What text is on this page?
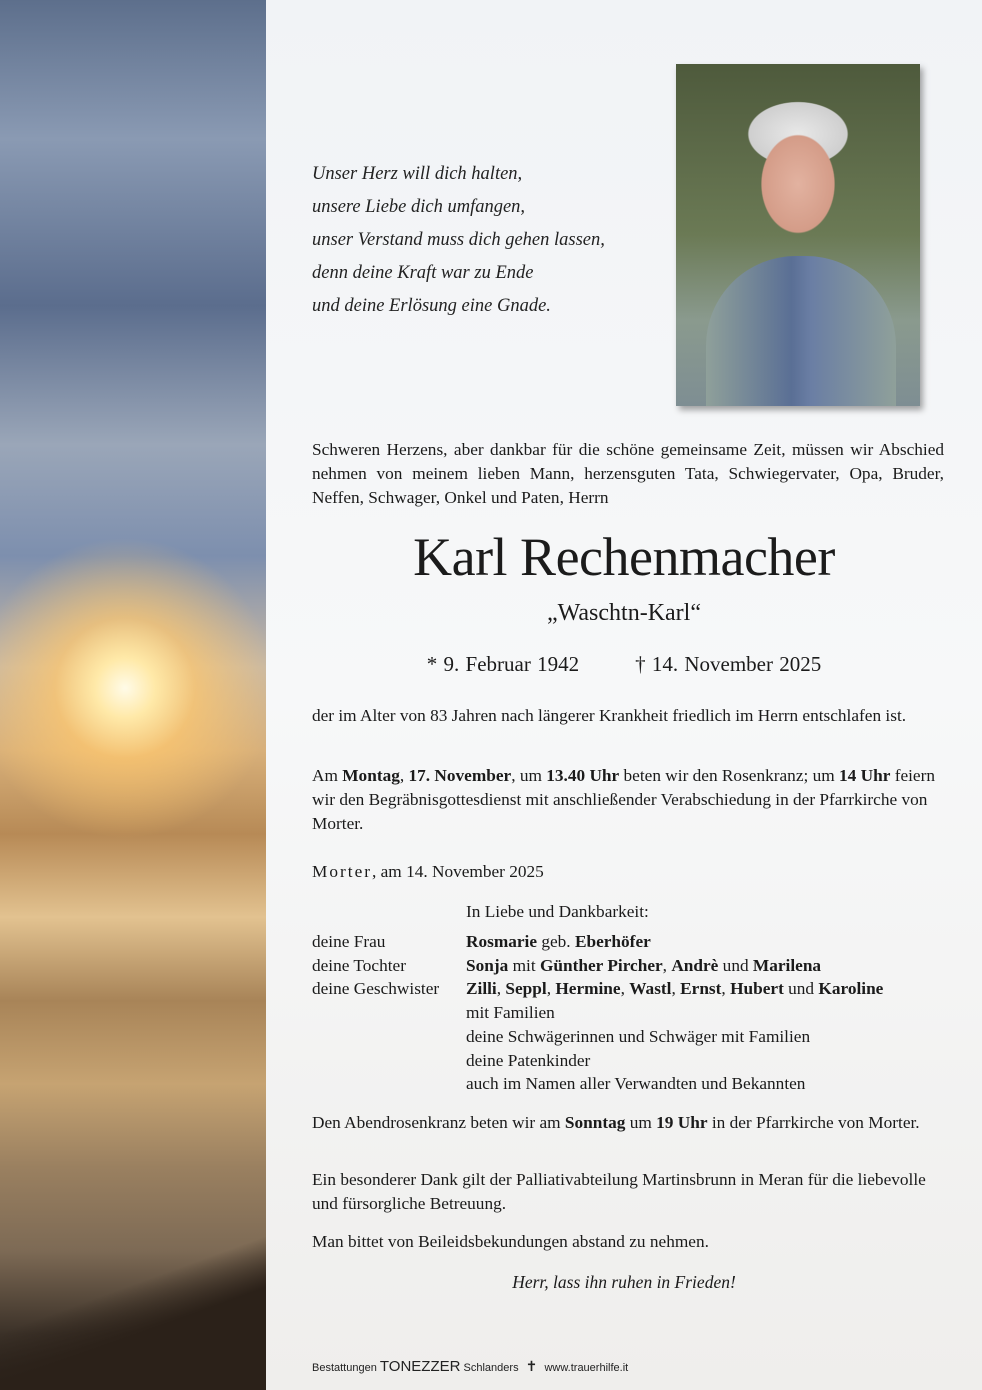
Unser Herz will dich halten,
unsere Liebe dich umfangen,
unser Verstand muss dich gehen lassen,
denn deine Kraft war zu Ende
und deine Erlösung eine Gnade.
Schweren Herzens, aber dankbar für die schöne gemeinsame Zeit, müssen wir Abschied nehmen von meinem lieben Mann, herzensguten Tata, Schwiegervater, Opa, Bruder, Neffen, Schwager, Onkel und Paten, Herrn
Karl Rechenmacher
„Waschtn-Karl“
* 9. Februar 1942	† 14. November 2025
der im Alter von 83 Jahren nach längerer Krankheit friedlich im Herrn entschlafen ist.
Am Montag, 17. November, um 13.40 Uhr beten wir den Rosenkranz; um 14 Uhr feiern wir den Begräbnisgottesdienst mit anschließender Verabschiedung in der Pfarrkirche von Morter.
Morter, am 14. November 2025
In Liebe und Dankbarkeit:
deine Frau	Rosmarie geb. Eberhöfer
deine Tochter	Sonja mit Günther Pircher, Andrè und Marilena
deine Geschwister	Zilli, Seppl, Hermine, Wastl, Ernst, Hubert und Karoline
mit Familien
deine Schwägerinnen und Schwäger mit Familien
deine Patenkinder
auch im Namen aller Verwandten und Bekannten
Den Abendrosenkranz beten wir am Sonntag um 19 Uhr in der Pfarrkirche von Morter.
Ein besonderer Dank gilt der Palliativabteilung Martinsbrunn in Meran für die liebevolle und fürsorgliche Betreuung.
Man bittet von Beileidsbekundungen abstand zu nehmen.
Herr, lass ihn ruhen in Frieden!
Bestattungen TONEZZER Schlanders ✝ www.trauerhilfe.it
